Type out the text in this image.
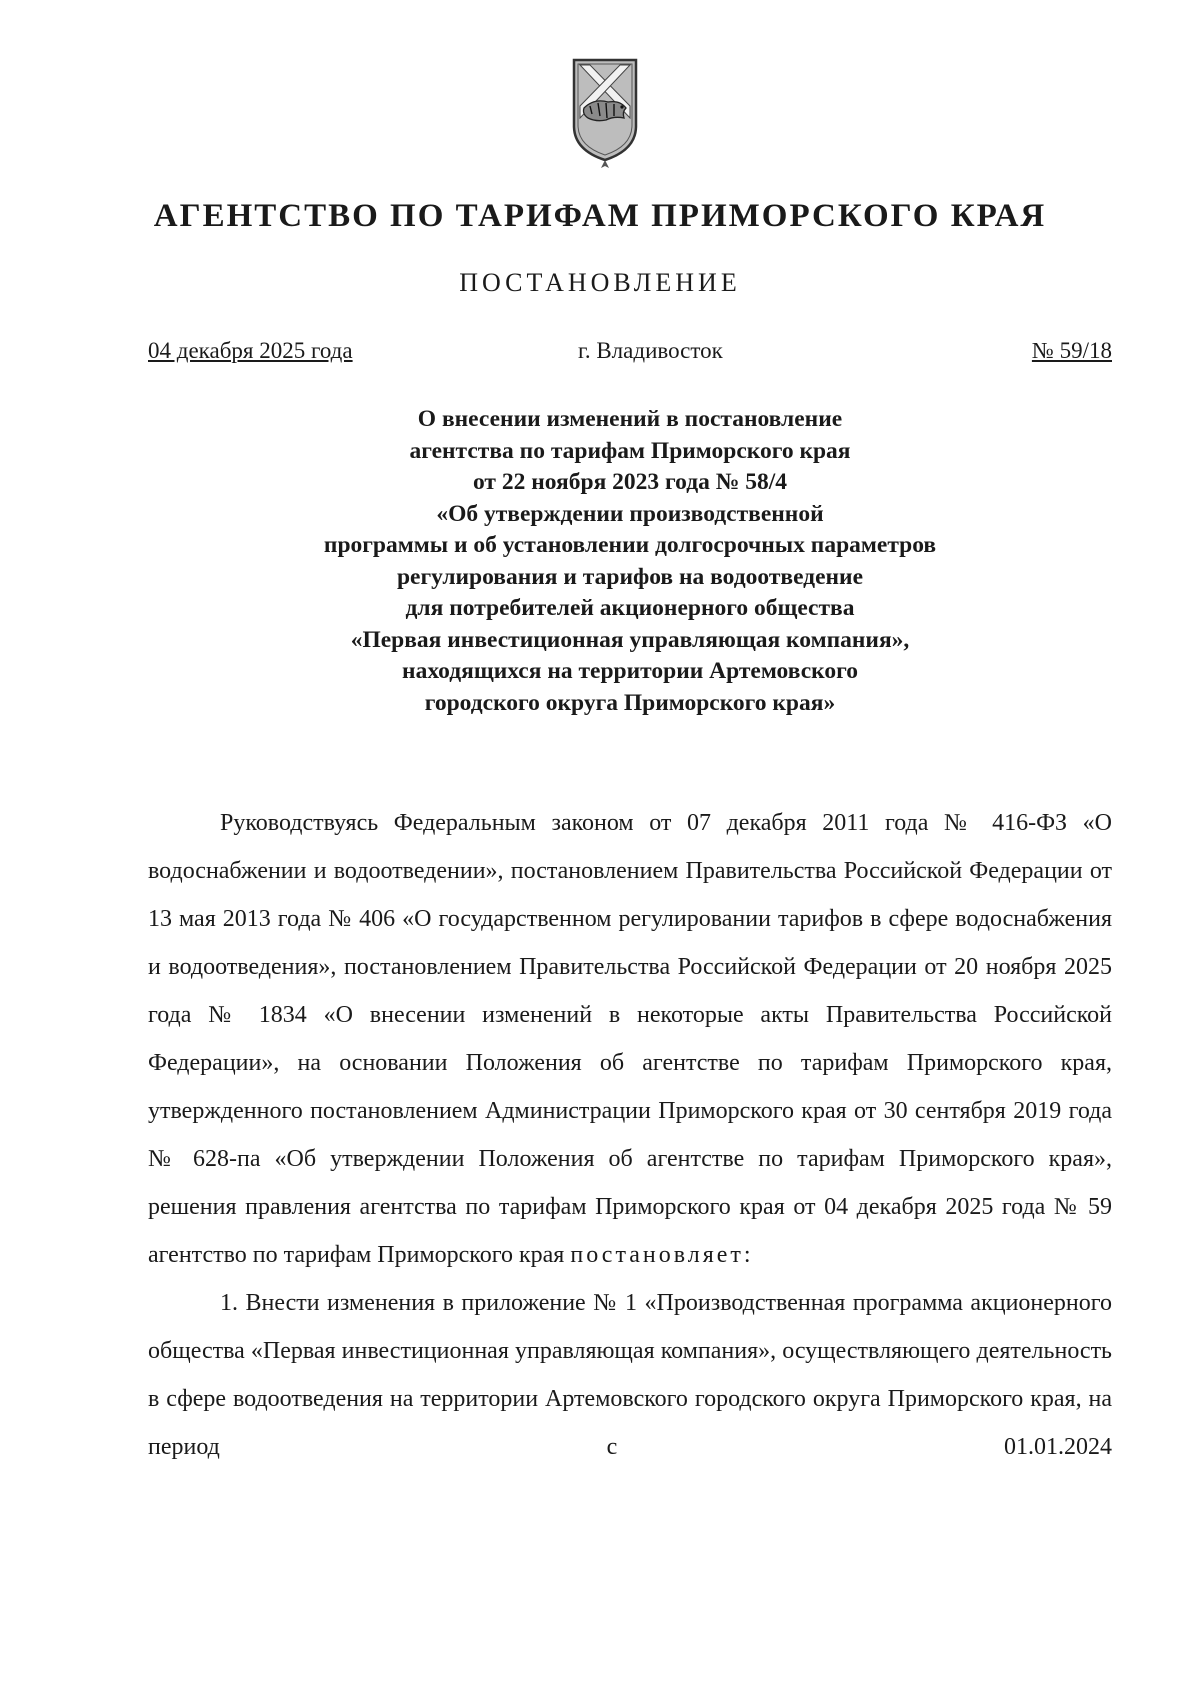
АГЕНТСТВО ПО ТАРИФАМ ПРИМОРСКОГО КРАЯ
ПОСТАНОВЛЕНИЕ
04 декабря 2025 года	г. Владивосток	№ 59/18
О внесении изменений в постановление
агентства по тарифам Приморского края
от 22 ноября 2023 года № 58/4
«Об утверждении производственной
программы и об установлении долгосрочных параметров
регулирования и тарифов на водоотведение
для потребителей акционерного общества
«Первая инвестиционная управляющая компания»,
находящихся на территории Артемовского
городского округа Приморского края»

Руководствуясь Федеральным законом от 07 декабря 2011 года № 416-ФЗ «О водоснабжении и водоотведении», постановлением Правительства Российской Федерации от 13 мая 2013 года № 406 «О государственном регулировании тарифов в сфере водоснабжения и водоотведения», постановлением Правительства Российской Федерации от 20 ноября 2025 года № 1834 «О внесении изменений в некоторые акты Правительства Российской Федерации», на основании Положения об агентстве по тарифам Приморского края, утвержденного постановлением Администрации Приморского края от 30 сентября 2019 года № 628-па «Об утверждении Положения об агентстве по тарифам Приморского края», решения правления агентства по тарифам Приморского края от 04 декабря 2025 года № 59 агентство по тарифам Приморского края постановляет:

1. Внести изменения в приложение № 1 «Производственная программа акционерного общества «Первая инвестиционная управляющая компания», осуществляющего деятельность в сфере водоотведения на территории Артемовского городского округа Приморского края, на период с 01.01.2024
